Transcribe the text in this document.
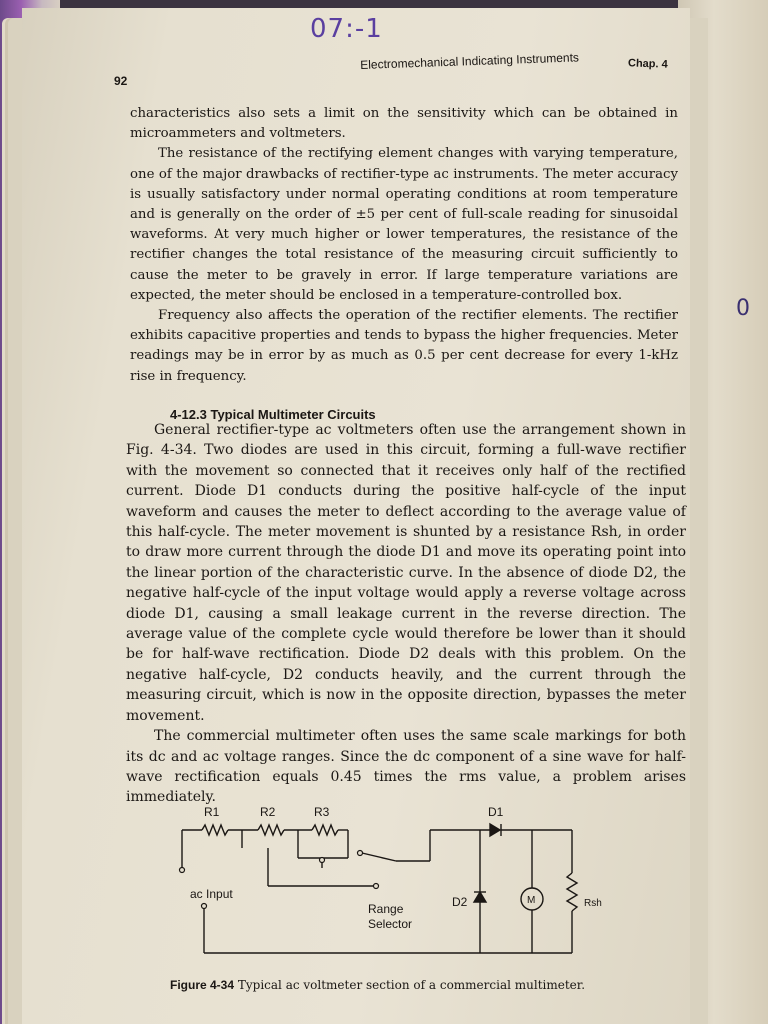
07:-1
92
Electromechanical Indicating Instruments	Chap. 4

characteristics also sets a limit on the sensitivity which can be obtained in microammeters and voltmeters.

The resistance of the rectifying element changes with varying temperature, one of the major drawbacks of rectifier-type ac instruments. The meter accuracy is usually satisfactory under normal operating conditions at room temperature and is generally on the order of ±5 per cent of full-scale reading for sinusoidal waveforms. At very much higher or lower temperatures, the resistance of the rectifier changes the total resistance of the measuring circuit sufficiently to cause the meter to be gravely in error. If large temperature variations are expected, the meter should be enclosed in a temperature-controlled box.

Frequency also affects the operation of the rectifier elements. The rectifier exhibits capacitive properties and tends to bypass the higher frequencies. Meter readings may be in error by as much as 0.5 per cent decrease for every 1-kHz rise in frequency.

4-12.3 Typical Multimeter Circuits

General rectifier-type ac voltmeters often use the arrangement shown in Fig. 4-34. Two diodes are used in this circuit, forming a full-wave rectifier with the movement so connected that it receives only half of the rectified current. Diode D1 conducts during the positive half-cycle of the input waveform and causes the meter to deflect according to the average value of this half-cycle. The meter movement is shunted by a resistance Rsh, in order to draw more current through the diode D1 and move its operating point into the linear portion of the characteristic curve. In the absence of diode D2, the negative half-cycle of the input voltage would apply a reverse voltage across diode D1, causing a small leakage current in the reverse direction. The average value of the complete cycle would therefore be lower than it should be for half-wave rectification. Diode D2 deals with this problem. On the negative half-cycle, D2 conducts heavily, and the current through the measuring circuit, which is now in the opposite direction, bypasses the meter movement.

The commercial multimeter often uses the same scale markings for both its dc and ac voltage ranges. Since the dc component of a sine wave for half-wave rectification equals 0.45 times the rms value, a problem arises immediately.

R1	R2	R3	D1
D2	M	Rsh
ac Input
Range
Selector
Figure 4-34 Typical ac voltmeter section of a commercial multimeter.
0
